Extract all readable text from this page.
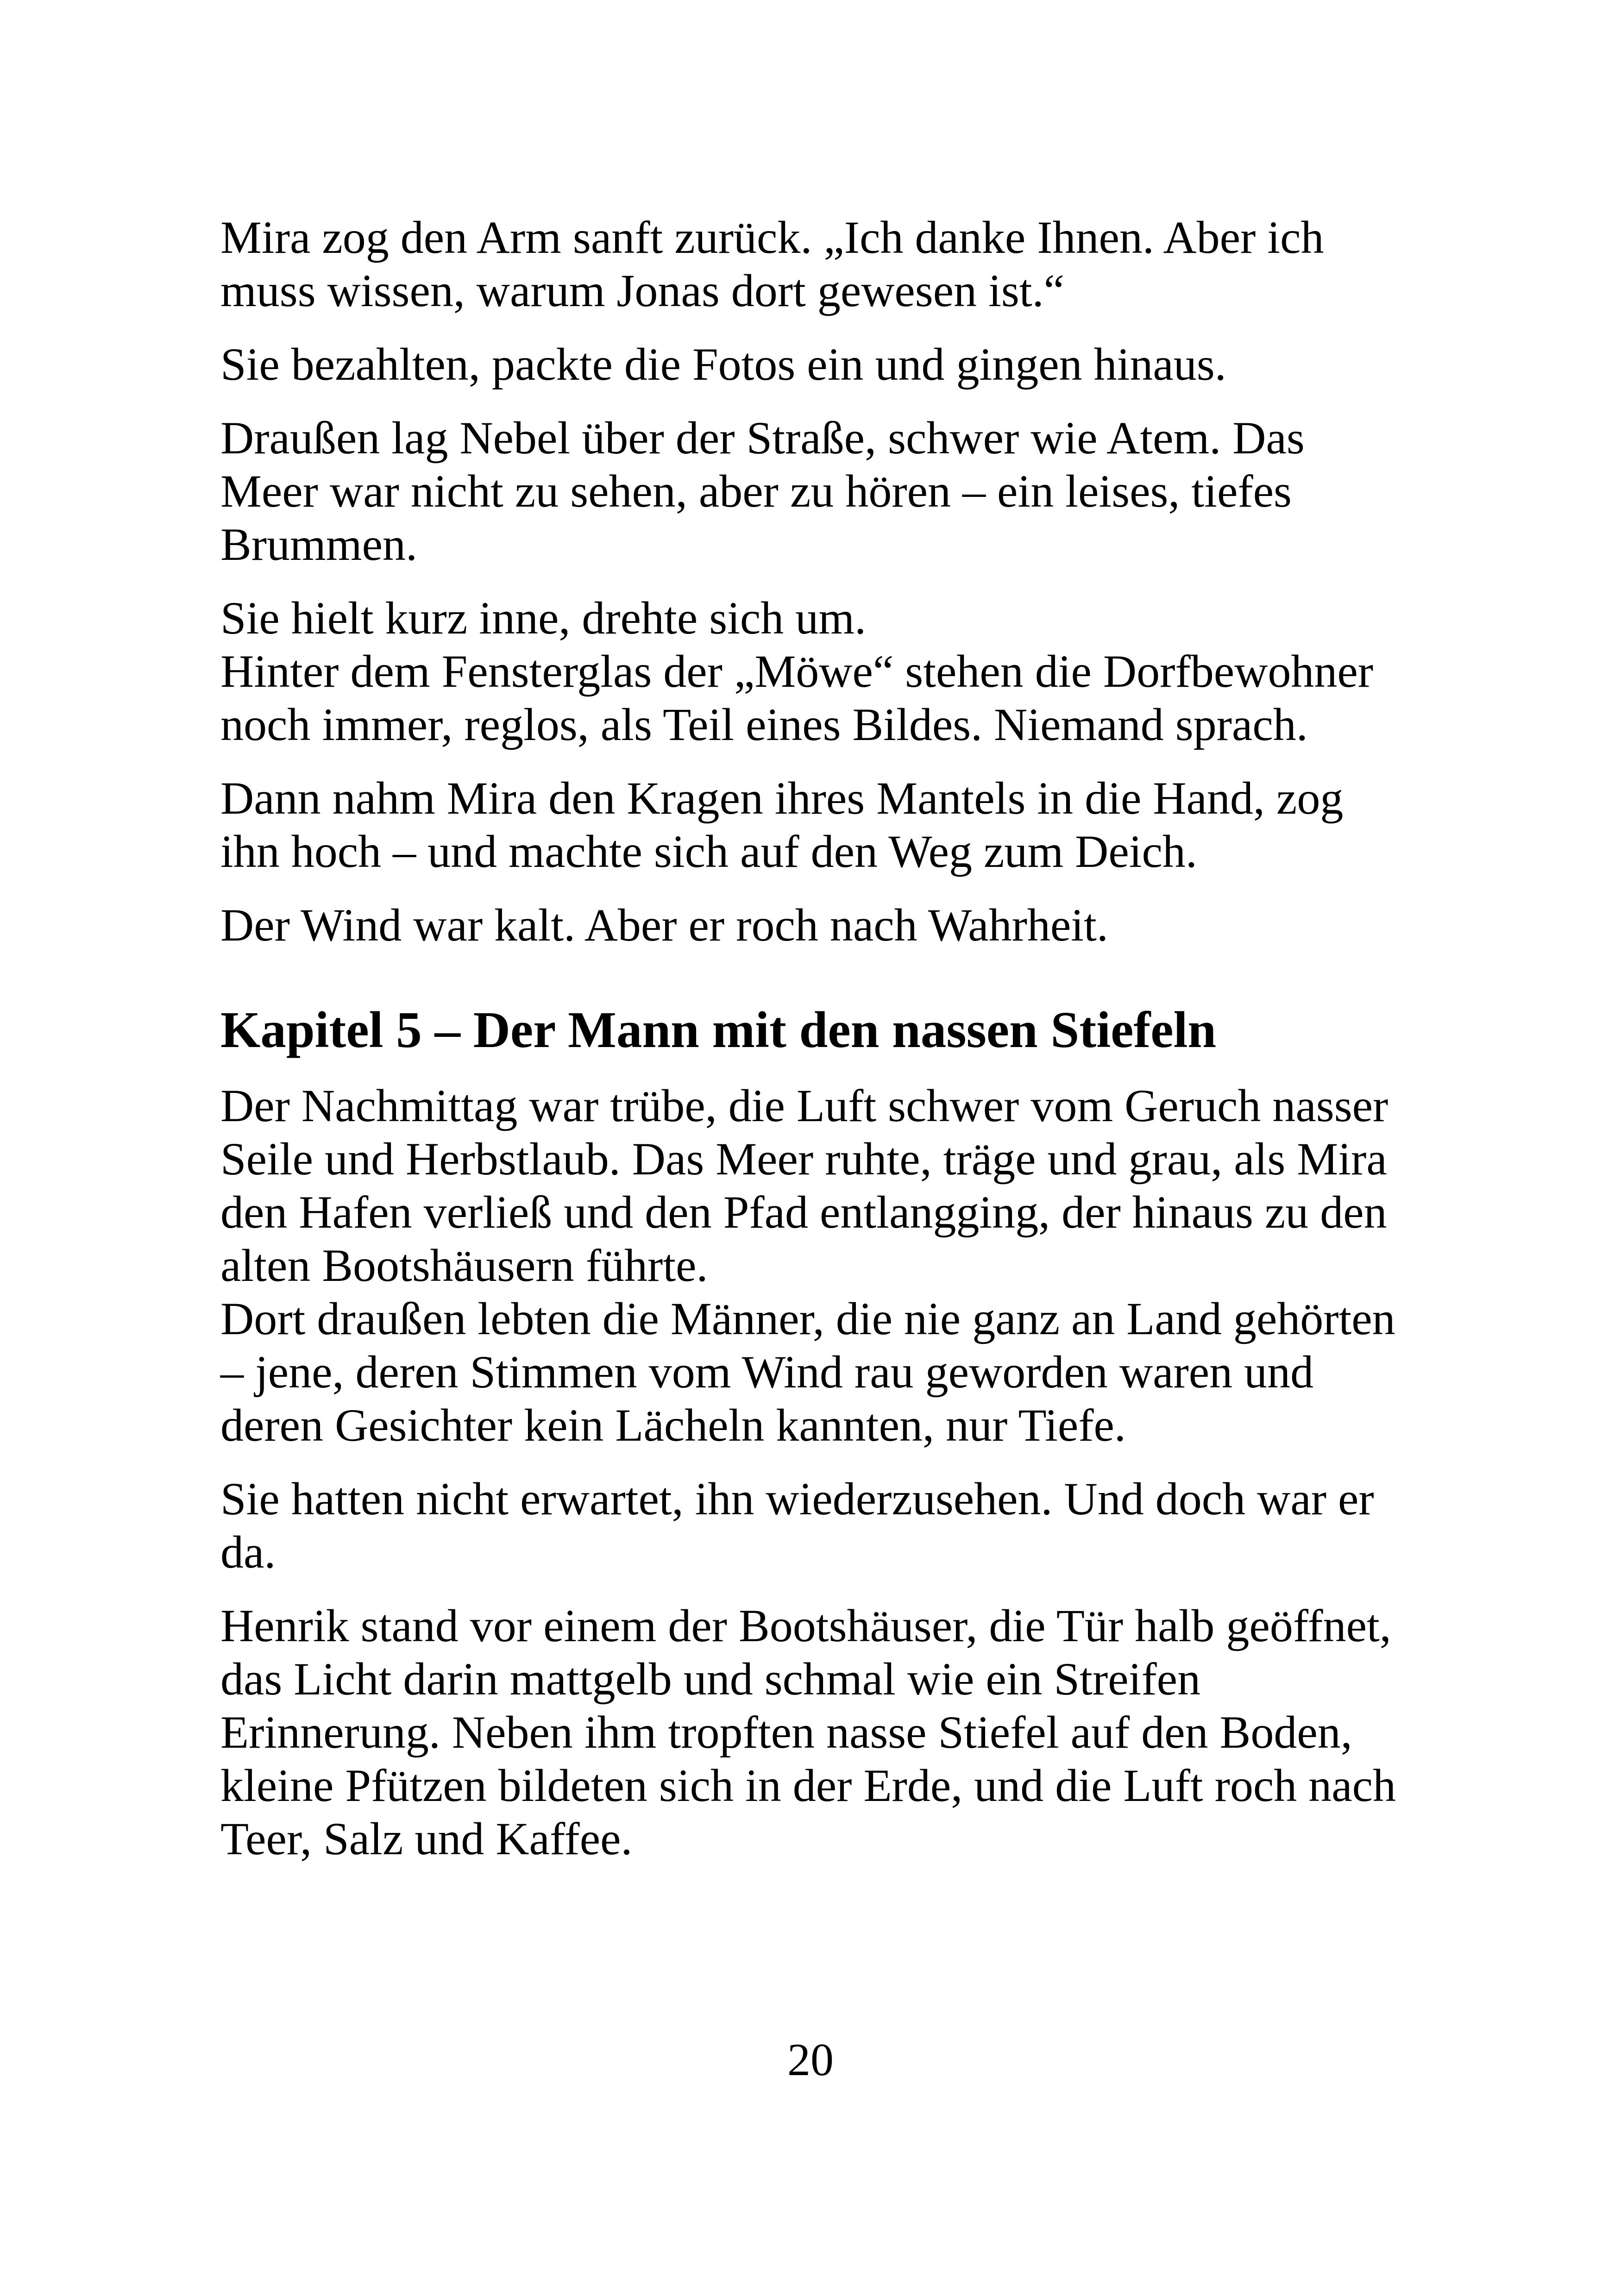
Mira zog den Arm sanft zurück. „Ich danke Ihnen. Aber ich
muss wissen, warum Jonas dort gewesen ist.“

Sie bezahlten, packte die Fotos ein und gingen hinaus.

Draußen lag Nebel über der Straße, schwer wie Atem. Das
Meer war nicht zu sehen, aber zu hören – ein leises, tiefes
Brummen.

Sie hielt kurz inne, drehte sich um.
Hinter dem Fensterglas der „Möwe“ stehen die Dorfbewohner
noch immer, reglos, als Teil eines Bildes. Niemand sprach.

Dann nahm Mira den Kragen ihres Mantels in die Hand, zog
ihn hoch – und machte sich auf den Weg zum Deich.

Der Wind war kalt. Aber er roch nach Wahrheit.

Kapitel 5 – Der Mann mit den nassen Stiefeln

Der Nachmittag war trübe, die Luft schwer vom Geruch nasser
Seile und Herbstlaub. Das Meer ruhte, träge und grau, als Mira
den Hafen verließ und den Pfad entlangging, der hinaus zu den
alten Bootshäusern führte.
Dort draußen lebten die Männer, die nie ganz an Land gehörten
– jene, deren Stimmen vom Wind rau geworden waren und
deren Gesichter kein Lächeln kannten, nur Tiefe.

Sie hatten nicht erwartet, ihn wiederzusehen. Und doch war er
da.

Henrik stand vor einem der Bootshäuser, die Tür halb geöffnet,
das Licht darin mattgelb und schmal wie ein Streifen
Erinnerung. Neben ihm tropften nasse Stiefel auf den Boden,
kleine Pfützen bildeten sich in der Erde, und die Luft roch nach
Teer, Salz und Kaffee.

20
